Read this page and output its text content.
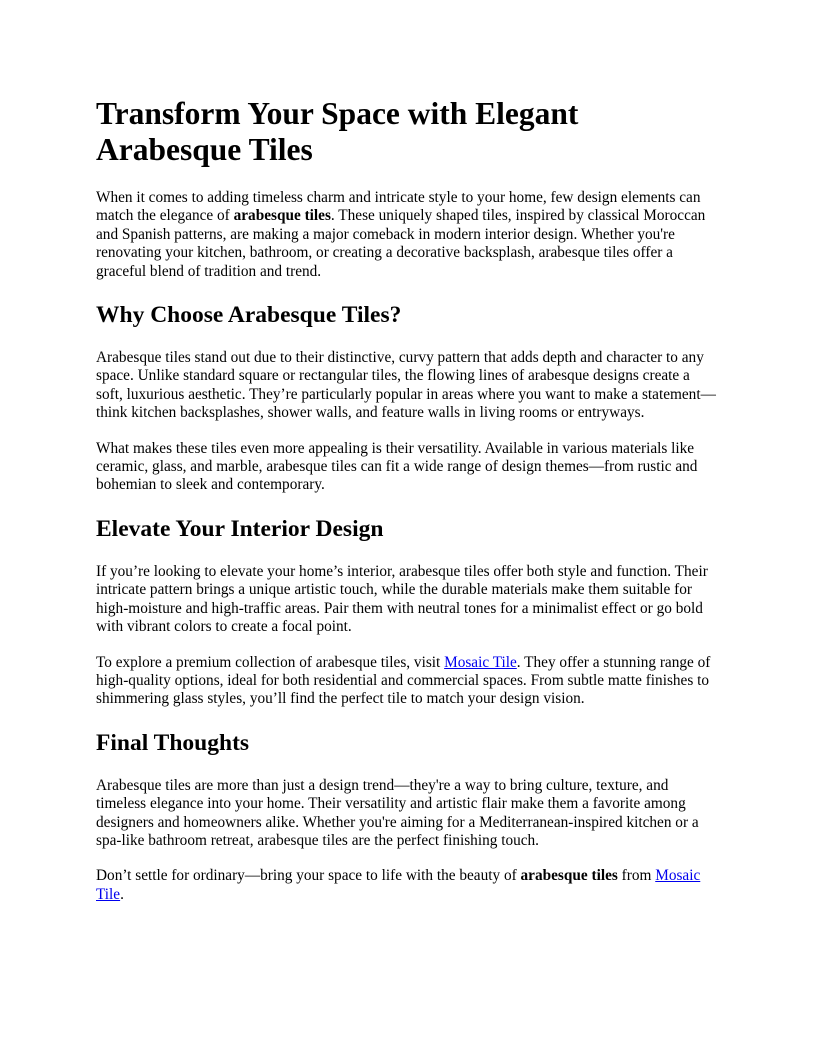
Transform Your Space with Elegant Arabesque Tiles

When it comes to adding timeless charm and intricate style to your home, few design elements can match the elegance of arabesque tiles. These uniquely shaped tiles, inspired by classical Moroccan and Spanish patterns, are making a major comeback in modern interior design. Whether you're renovating your kitchen, bathroom, or creating a decorative backsplash, arabesque tiles offer a graceful blend of tradition and trend.

Why Choose Arabesque Tiles?

Arabesque tiles stand out due to their distinctive, curvy pattern that adds depth and character to any space. Unlike standard square or rectangular tiles, the flowing lines of arabesque designs create a soft, luxurious aesthetic. They’re particularly popular in areas where you want to make a statement—think kitchen backsplashes, shower walls, and feature walls in living rooms or entryways.

What makes these tiles even more appealing is their versatility. Available in various materials like ceramic, glass, and marble, arabesque tiles can fit a wide range of design themes—from rustic and bohemian to sleek and contemporary.

Elevate Your Interior Design

If you’re looking to elevate your home’s interior, arabesque tiles offer both style and function. Their intricate pattern brings a unique artistic touch, while the durable materials make them suitable for high-moisture and high-traffic areas. Pair them with neutral tones for a minimalist effect or go bold with vibrant colors to create a focal point.

To explore a premium collection of arabesque tiles, visit Mosaic Tile. They offer a stunning range of high-quality options, ideal for both residential and commercial spaces. From subtle matte finishes to shimmering glass styles, you’ll find the perfect tile to match your design vision.

Final Thoughts

Arabesque tiles are more than just a design trend—they're a way to bring culture, texture, and timeless elegance into your home. Their versatility and artistic flair make them a favorite among designers and homeowners alike. Whether you're aiming for a Mediterranean-inspired kitchen or a spa-like bathroom retreat, arabesque tiles are the perfect finishing touch.

Don’t settle for ordinary—bring your space to life with the beauty of arabesque tiles from Mosaic Tile.
